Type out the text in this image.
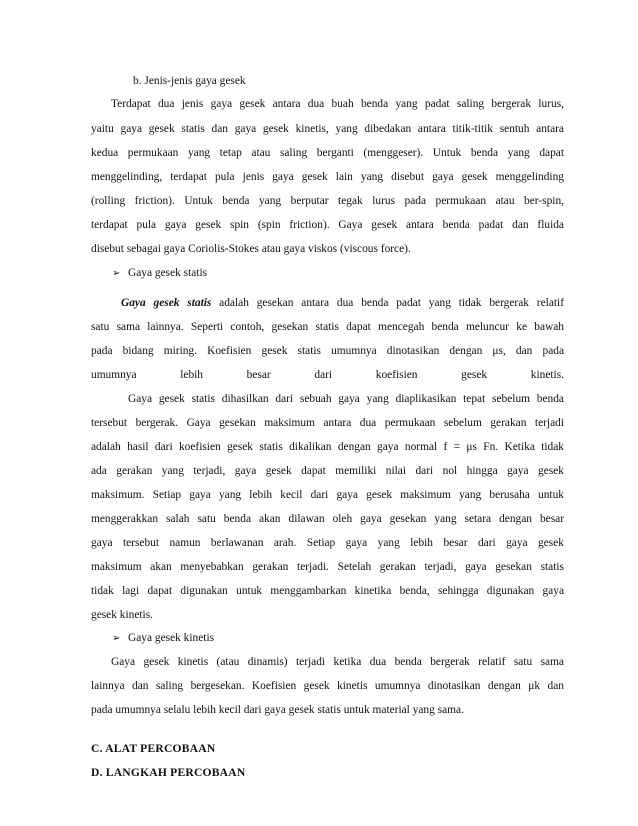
b. Jenis-jenis gaya gesek
Terdapat dua jenis gaya gesek antara dua buah benda yang padat saling bergerak lurus,
yaitu gaya gesek statis dan gaya gesek kinetis, yang dibedakan antara titik-titik sentuh antara
kedua permukaan yang tetap atau saling berganti (menggeser). Untuk benda yang dapat
menggelinding, terdapat pula jenis gaya gesek lain yang disebut gaya gesek menggelinding
(rolling friction). Untuk benda yang berputar tegak lurus pada permukaan atau ber-spin,
terdapat pula gaya gesek spin (spin friction). Gaya gesek antara benda padat dan fluida
disebut sebagai gaya Coriolis-Stokes atau gaya viskos (viscous force).
➢ Gaya gesek statis
Gaya gesek statis adalah gesekan antara dua benda padat yang tidak bergerak relatif
satu sama lainnya. Seperti contoh, gesekan statis dapat mencegah benda meluncur ke bawah
pada bidang miring. Koefisien gesek statis umumnya dinotasikan dengan μs, dan pada
umumnya lebih besar dari koefisien gesek kinetis.
Gaya gesek statis dihasilkan dari sebuah gaya yang diaplikasikan tepat sebelum benda
tersebut bergerak. Gaya gesekan maksimum antara dua permukaan sebelum gerakan terjadi
adalah hasil dari koefisien gesek statis dikalikan dengan gaya normal f = μs Fn. Ketika tidak
ada gerakan yang terjadi, gaya gesek dapat memiliki nilai dari nol hingga gaya gesek
maksimum. Setiap gaya yang lebih kecil dari gaya gesek maksimum yang berusaha untuk
menggerakkan salah satu benda akan dilawan oleh gaya gesekan yang setara dengan besar
gaya tersebut namun berlawanan arah. Setiap gaya yang lebih besar dari gaya gesek
maksimum akan menyebabkan gerakan terjadi. Setelah gerakan terjadi, gaya gesekan statis
tidak lagi dapat digunakan untuk menggambarkan kinetika benda, sehingga digunakan gaya
gesek kinetis.
➢ Gaya gesek kinetis
Gaya gesek kinetis (atau dinamis) terjadi ketika dua benda bergerak relatif satu sama
lainnya dan saling bergesekan. Koefisien gesek kinetis umumnya dinotasikan dengan μk dan
pada umumnya selalu lebih kecil dari gaya gesek statis untuk material yang sama.
C. ALAT PERCOBAAN
D. LANGKAH PERCOBAAN
